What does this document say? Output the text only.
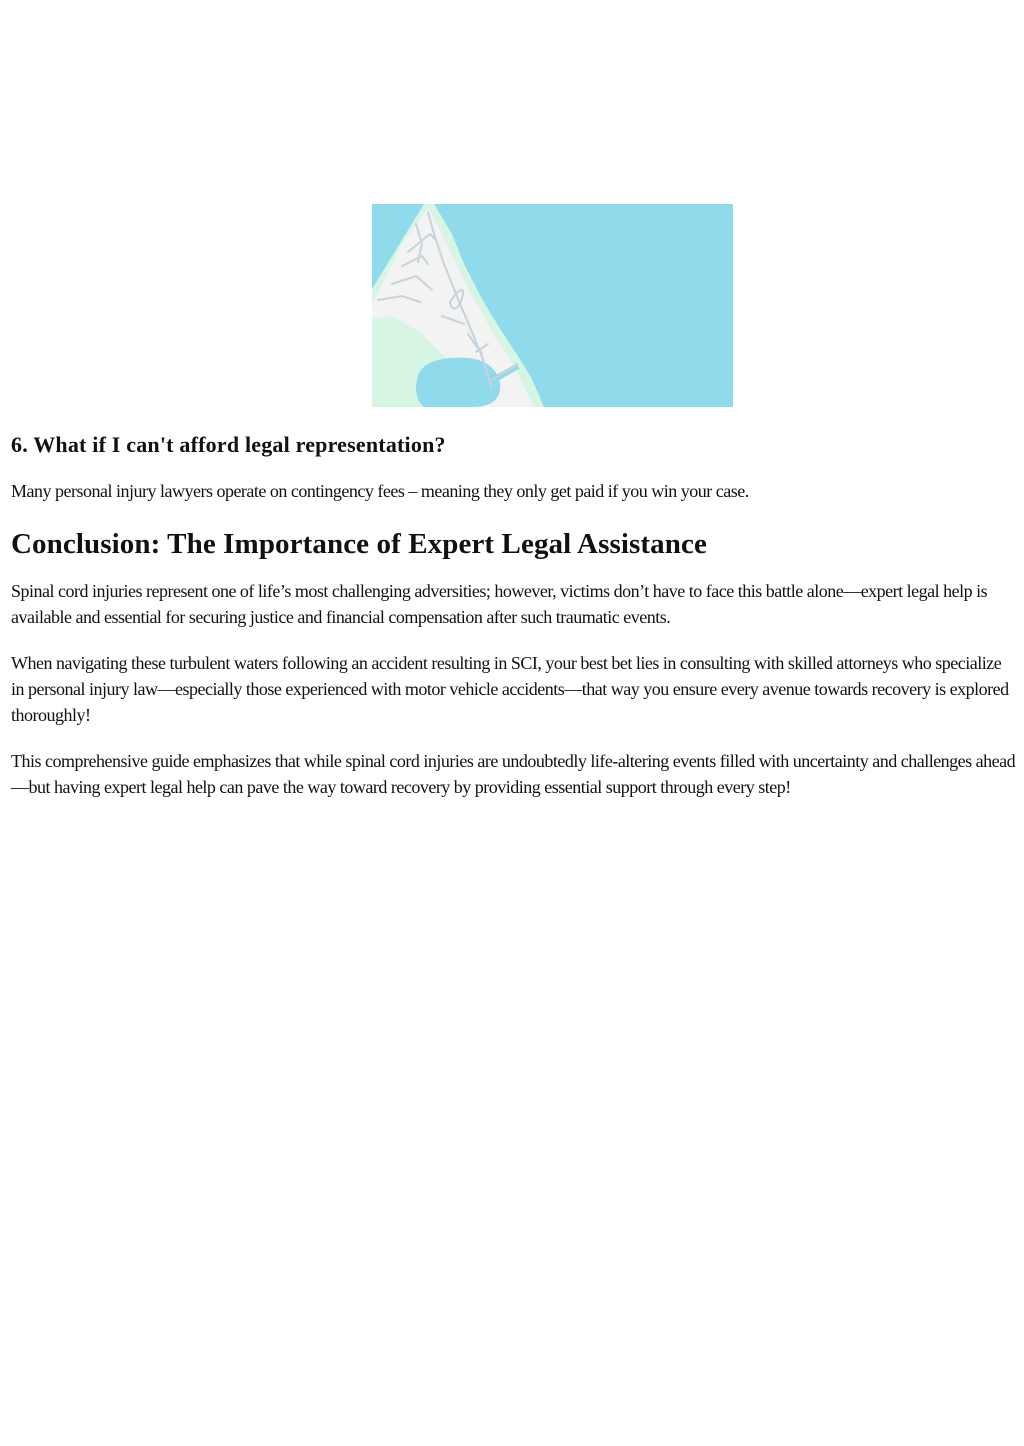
6. What if I can't afford legal representation?

Many personal injury lawyers operate on contingency fees – meaning they only get paid if you win your case.

Conclusion: The Importance of Expert Legal Assistance

Spinal cord injuries represent one of life’s most challenging adversities; however, victims don’t have to face this battle alone—expert legal help is available and essential for securing justice and financial compensation after such traumatic events.

When navigating these turbulent waters following an accident resulting in SCI, your best bet lies in consulting with skilled attorneys who specialize in personal injury law—especially those experienced with motor vehicle accidents—that way you ensure every avenue towards recovery is explored thoroughly!

This comprehensive guide emphasizes that while spinal cord injuries are undoubtedly life-altering events filled with uncertainty and challenges ahead—but having expert legal help can pave the way toward recovery by providing essential support through every step!
